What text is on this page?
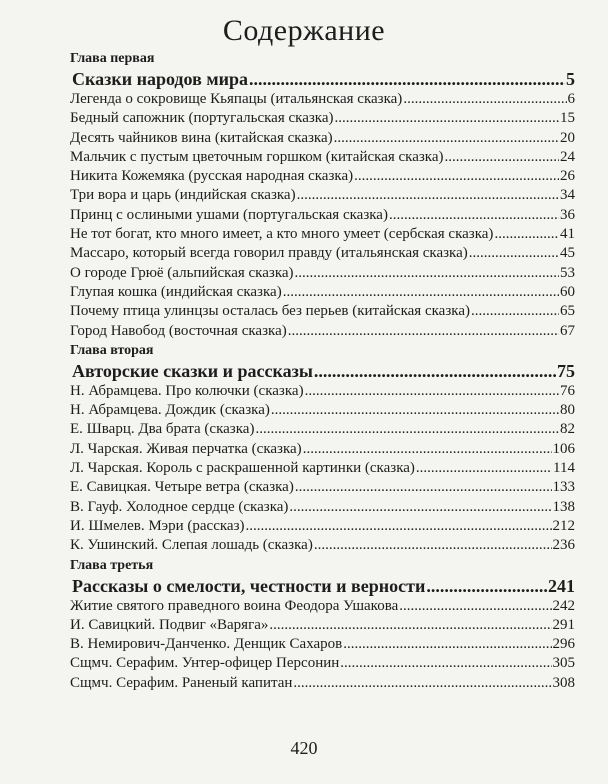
Содержание
Глава первая
Сказки народов мира .....	5
Легенда о сокровище Кьяпацы (итальянская сказка) .....	6
Бедный сапожник (португальская сказка) .....	15
Десять чайников вина (китайская сказка) .....	20
Мальчик с пустым цветочным горшком (китайская сказка) .....	24
Никита Кожемяка (русская народная сказка) .....	26
Три вора и царь (индийская сказка) .....	34
Принц с ослиными ушами (португальская сказка) .....	36
Не тот богат, кто много имеет, а кто много умеет (сербская сказка) .....	41
Массаро, который всегда говорил правду (итальянская сказка) .....	45
О городе Грюё (альпийская сказка) .....	53
Глупая кошка (индийская сказка) .....	60
Почему птица улинцзы осталась без перьев (китайская сказка) .....	65
Город Навобод (восточная сказка) .....	67
Глава вторая
Авторские сказки и рассказы .....	75
Н. Абрамцева. Про колючки (сказка) .....	76
Н. Абрамцева. Дождик (сказка) .....	80
Е. Шварц. Два брата (сказка) .....	82
Л. Чарская. Живая перчатка (сказка) .....	106
Л. Чарская. Король с раскрашенной картинки (сказка) .....	114
Е. Савицкая. Четыре ветра (сказка) .....	133
В. Гауф. Холодное сердце (сказка) .....	138
И. Шмелев. Мэри (рассказ) .....	212
К. Ушинский. Слепая лошадь (сказка) .....	236
Глава третья
Рассказы о смелости, честности и верности .....	241
Житие святого праведного воина Феодора Ушакова .....	242
И. Савицкий. Подвиг «Варяга» .....	291
В. Немирович-Данченко. Денщик Сахаров .....	296
Сщмч. Серафим. Унтер-офицер Персонин .....	305
Сщмч. Серафим. Раненый капитан .....	308
420
